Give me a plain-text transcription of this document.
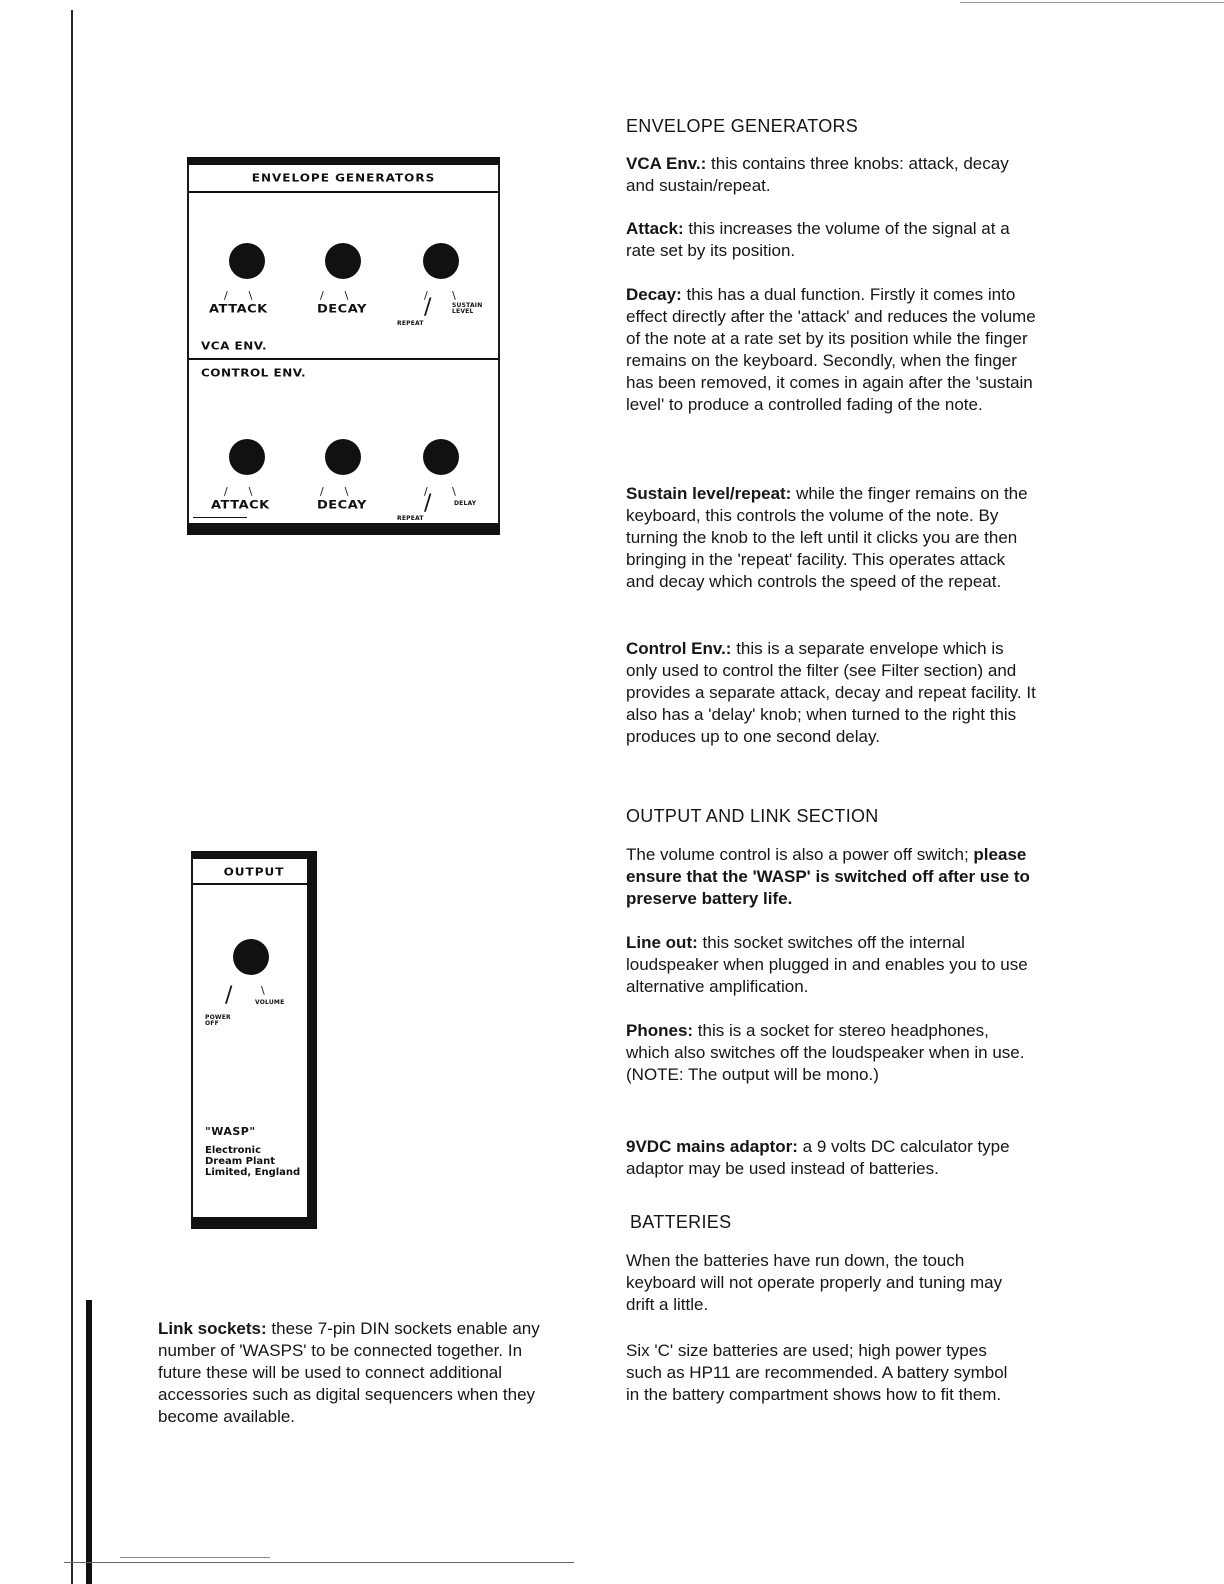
ENVELOPE GENERATORS
/      \	/      \	/       \
ATTACK	DECAY	/
REPEAT
SUSTAIN LEVEL
VCA ENV.
CONTROL ENV.
/      \	/      \	/       \
ATTACK	DECAY	/
REPEAT
DELAY
OUTPUT
/	\
VOLUME
POWER OFF
"WASP"
Electronic Dream Plant Limited, England
Link sockets: these 7-pin DIN sockets enable any number of 'WASPS' to be connected together. In future these will be used to connect additional accessories such as digital sequencers when they become available.
ENVELOPE GENERATORS
VCA Env.: this contains three knobs: attack, decay and sustain/repeat.
Attack: this increases the volume of the signal at a rate set by its position.
Decay: this has a dual function. Firstly it comes into effect directly after the 'attack' and reduces the volume of the note at a rate set by its position while the finger remains on the keyboard. Secondly, when the finger has been removed, it comes in again after the 'sustain level' to produce a controlled fading of the note.
Sustain level/repeat: while the finger remains on the keyboard, this controls the volume of the note. By turning the knob to the left until it clicks you are then bringing in the 'repeat' facility. This operates attack and decay which controls the speed of the repeat.
Control Env.: this is a separate envelope which is only used to control the filter (see Filter section) and provides a separate attack, decay and repeat facility. It also has a 'delay' knob; when turned to the right this produces up to one second delay.
OUTPUT AND LINK SECTION
The volume control is also a power off switch; please ensure that the 'WASP' is switched off after use to preserve battery life.
Line out: this socket switches off the internal loudspeaker when plugged in and enables you to use alternative amplification.
Phones: this is a socket for stereo headphones, which also switches off the loudspeaker when in use. (NOTE: The output will be mono.)
9VDC mains adaptor: a 9 volts DC calculator type adaptor may be used instead of batteries.
BATTERIES
When the batteries have run down, the touch keyboard will not operate properly and tuning may drift a little.
Six 'C' size batteries are used; high power types such as HP11 are recommended. A battery symbol in the battery compartment shows how to fit them.
